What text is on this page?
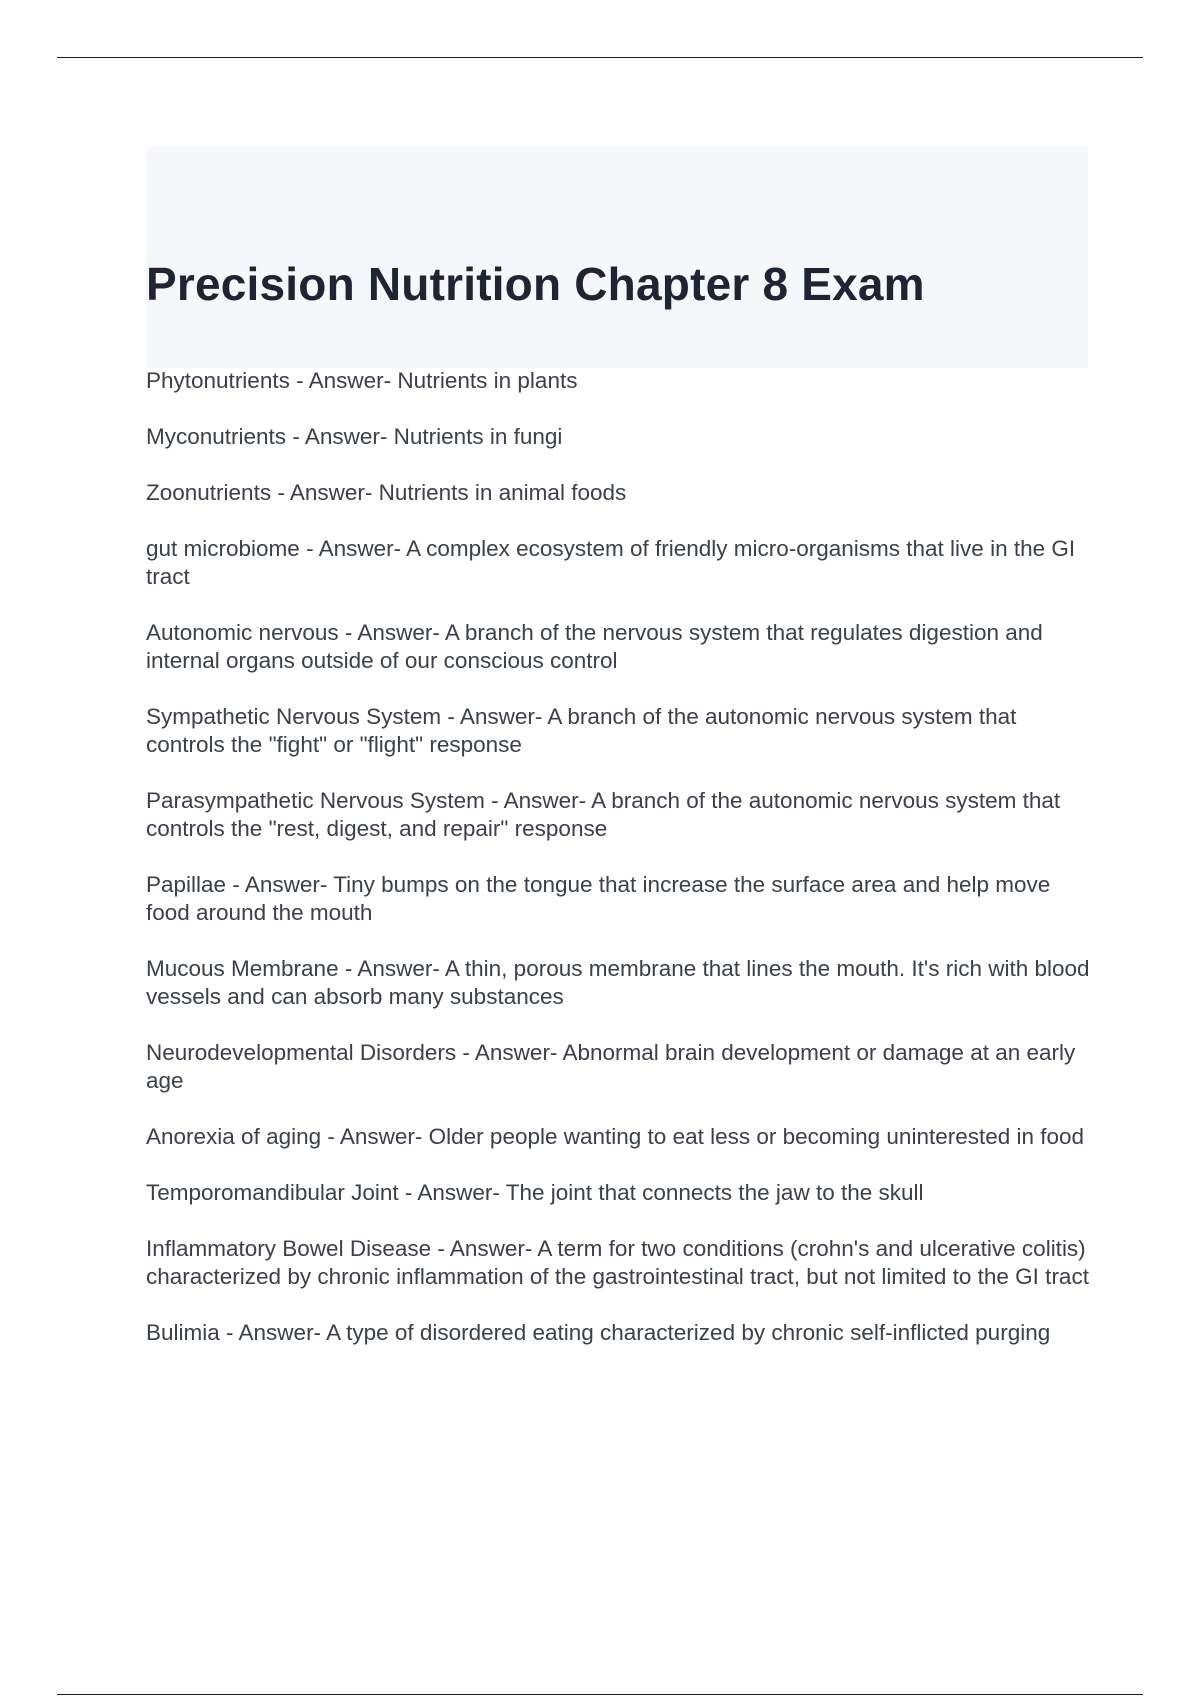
Precision Nutrition Chapter 8 Exam
Phytonutrients - Answer- Nutrients in plants
Myconutrients - Answer- Nutrients in fungi
Zoonutrients - Answer- Nutrients in animal foods
gut microbiome - Answer- A complex ecosystem of friendly micro-organisms that live in the GI tract
Autonomic nervous - Answer- A branch of the nervous system that regulates digestion and internal organs outside of our conscious control
Sympathetic Nervous System - Answer- A branch of the autonomic nervous system that controls the "fight" or "flight" response
Parasympathetic Nervous System - Answer- A branch of the autonomic nervous system that controls the "rest, digest, and repair" response
Papillae - Answer- Tiny bumps on the tongue that increase the surface area and help move food around the mouth
Mucous Membrane - Answer- A thin, porous membrane that lines the mouth. It's rich with blood vessels and can absorb many substances
Neurodevelopmental Disorders - Answer- Abnormal brain development or damage at an early age
Anorexia of aging - Answer- Older people wanting to eat less or becoming uninterested in food
Temporomandibular Joint - Answer- The joint that connects the jaw to the skull
Inflammatory Bowel Disease - Answer- A term for two conditions (crohn's and ulcerative colitis) characterized by chronic inflammation of the gastrointestinal tract, but not limited to the GI tract
Bulimia - Answer- A type of disordered eating characterized by chronic self-inflicted purging
